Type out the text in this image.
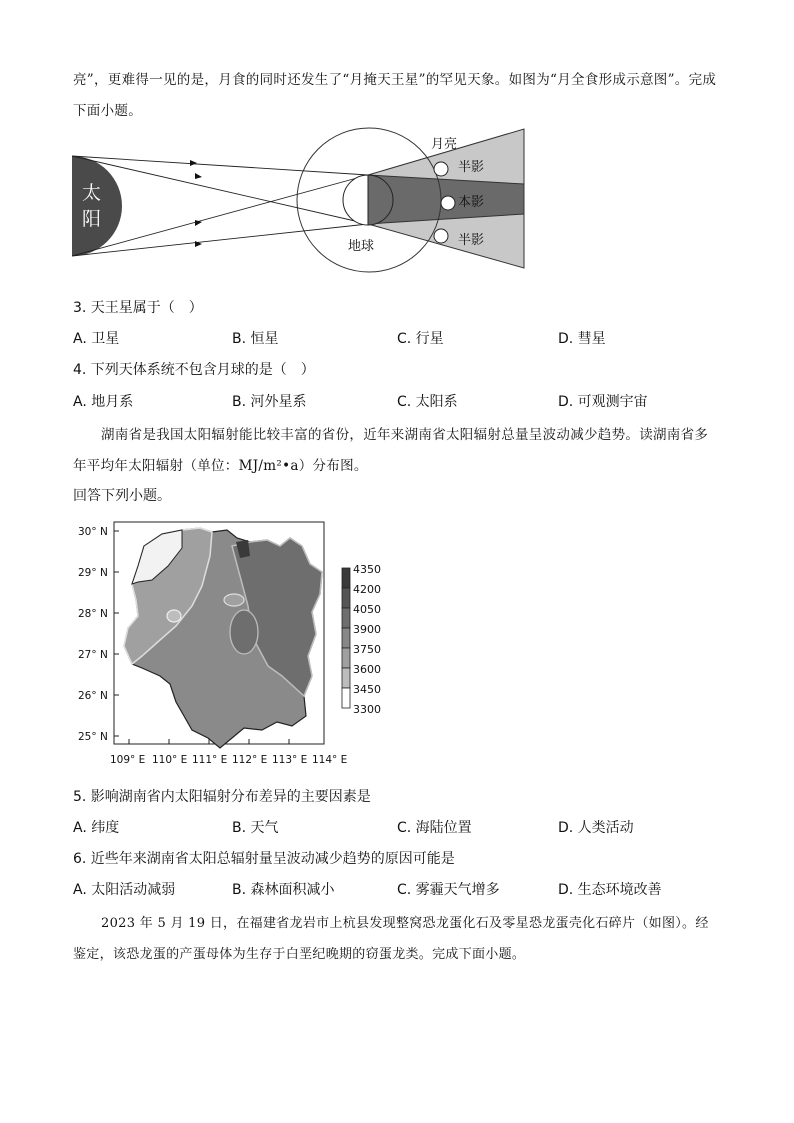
亮”，更难得一见的是，月食的同时还发生了“月掩天王星”的罕见天象。如图为“月全食形成示意图”。完成
下面小题。
太
阳
月亮
半影
本影
半影
地球
3. 天王星属于（　）
A. 卫星	B. 恒星	C. 行星	D. 彗星
4. 下列天体系统不包含月球的是（　）
A. 地月系	B. 河外星系	C. 太阳系	D. 可观测宇宙
湖南省是我国太阳辐射能比较丰富的省份，近年来湖南省太阳辐射总量呈波动减少趋势。读湖南省多
年平均年太阳辐射（单位：MJ/m²•a）分布图。
回答下列小题。
4350
4200
4050
3900
3750
3600
3450
3300
30° N
29° N
28° N
27° N
26° N
25° N
109° E 110° E 111° E 112° E 113° E 114° E
5. 影响湖南省内太阳辐射分布差异的主要因素是
A. 纬度	B. 天气	C. 海陆位置	D. 人类活动
6. 近些年来湖南省太阳总辐射量呈波动减少趋势的原因可能是
A. 太阳活动减弱	B. 森林面积减小	C. 雾霾天气增多	D. 生态环境改善
2023 年 5 月 19 日，在福建省龙岩市上杭县发现整窝恐龙蛋化石及零星恐龙蛋壳化石碎片（如图）。经
鉴定，该恐龙蛋的产蛋母体为生存于白垩纪晚期的窃蛋龙类。完成下面小题。
